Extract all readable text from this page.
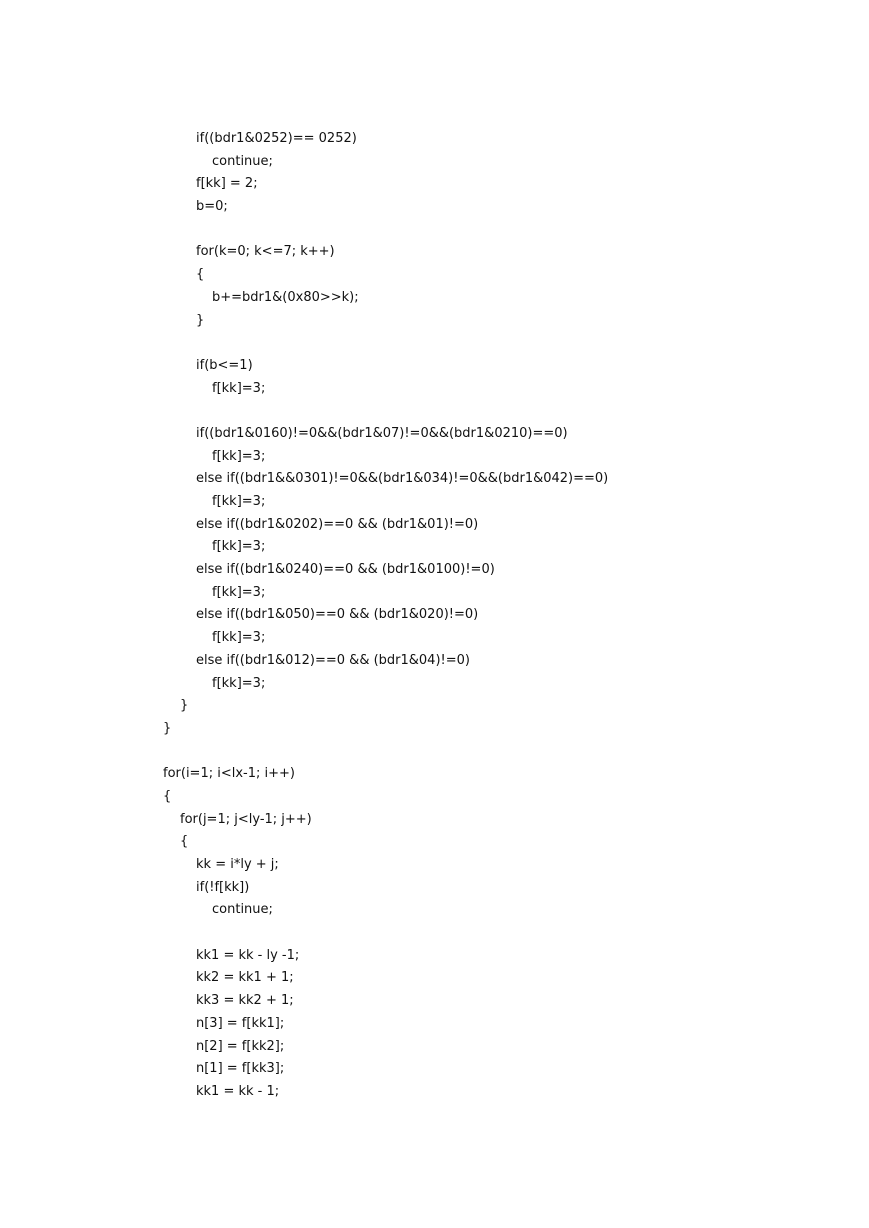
if((bdr1&0252)== 0252)
continue;
f[kk] = 2;
b=0;
for(k=0; k<=7; k++)
{
b+=bdr1&(0x80>>k);
}
if(b<=1)
f[kk]=3;
if((bdr1&0160)!=0&&(bdr1&07)!=0&&(bdr1&0210)==0)
f[kk]=3;
else if((bdr1&&0301)!=0&&(bdr1&034)!=0&&(bdr1&042)==0)
f[kk]=3;
else if((bdr1&0202)==0 && (bdr1&01)!=0)
f[kk]=3;
else if((bdr1&0240)==0 && (bdr1&0100)!=0)
f[kk]=3;
else if((bdr1&050)==0 && (bdr1&020)!=0)
f[kk]=3;
else if((bdr1&012)==0 && (bdr1&04)!=0)
f[kk]=3;
}
}
for(i=1; i<lx-1; i++)
{
for(j=1; j<ly-1; j++)
{
kk = i*ly + j;
if(!f[kk])
continue;
kk1 = kk - ly -1;
kk2 = kk1 + 1;
kk3 = kk2 + 1;
n[3] = f[kk1];
n[2] = f[kk2];
n[1] = f[kk3];
kk1 = kk - 1;
